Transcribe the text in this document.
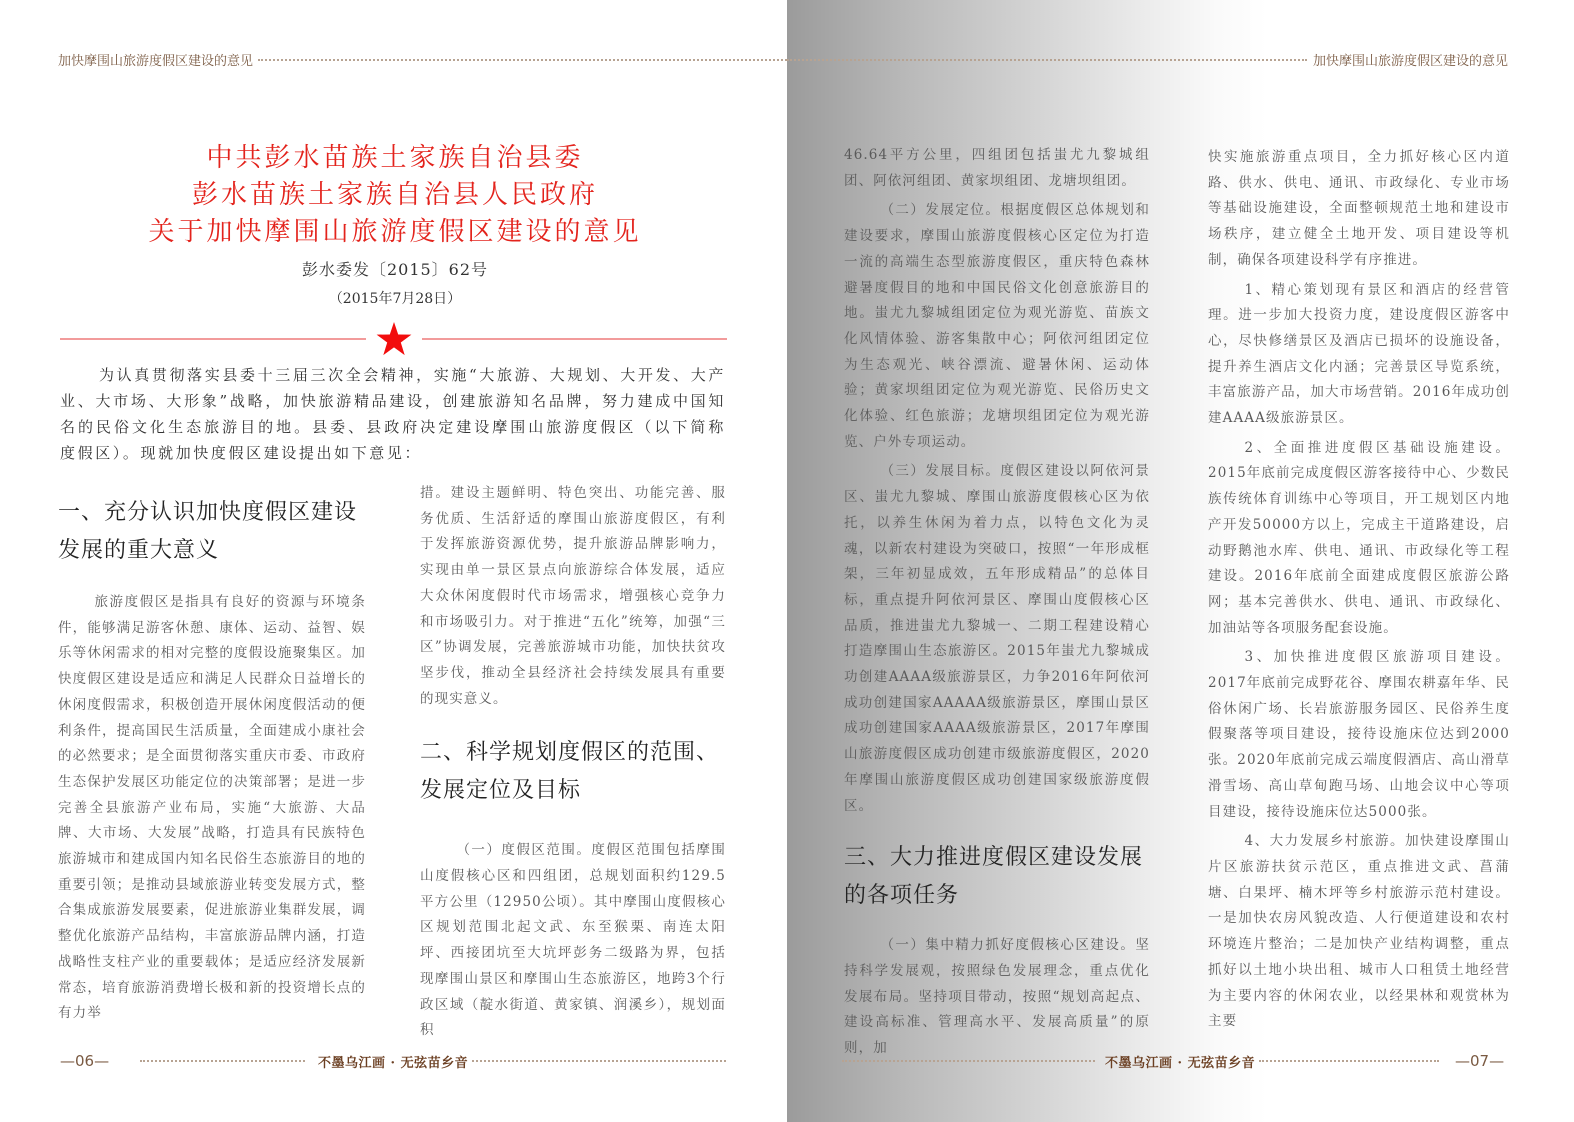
加快摩围山旅游度假区建设的意见
中共彭水苗族土家族自治县委
彭水苗族土家族自治县人民政府
关于加快摩围山旅游度假区建设的意见
彭水委发〔2015〕62号
（2015年7月28日）
为认真贯彻落实县委十三届三次全会精神，实施“大旅游、大规划、大开发、大产业、大市场、大形象”战略，加快旅游精品建设，创建旅游知名品牌，努力建成中国知名的民俗文化生态旅游目的地。县委、县政府决定建设摩围山旅游度假区（以下简称度假区）。现就加快度假区建设提出如下意见：
一、充分认识加快度假区建设
发展的重大意义

旅游度假区是指具有良好的资源与环境条件，能够满足游客休憩、康体、运动、益智、娱乐等休闲需求的相对完整的度假设施聚集区。加快度假区建设是适应和满足人民群众日益增长的休闲度假需求，积极创造开展休闲度假活动的便利条件，提高国民生活质量，全面建成小康社会的必然要求；是全面贯彻落实重庆市委、市政府生态保护发展区功能定位的决策部署；是进一步完善全县旅游产业布局，实施“大旅游、大品牌、大市场、大发展”战略，打造具有民族特色旅游城市和建成国内知名民俗生态旅游目的地的重要引领；是推动县域旅游业转变发展方式，整合集成旅游发展要素，促进旅游业集群发展，调整优化旅游产品结构，丰富旅游品牌内涵，打造战略性支柱产业的重要载体；是适应经济发展新常态，培育旅游消费增长极和新的投资增长点的有力举

措。建设主题鲜明、特色突出、功能完善、服务优质、生活舒适的摩围山旅游度假区，有利于发挥旅游资源优势，提升旅游品牌影响力，实现由单一景区景点向旅游综合体发展，适应大众休闲度假时代市场需求，增强核心竞争力和市场吸引力。对于推进“五化”统筹，加强“三区”协调发展，完善旅游城市功能，加快扶贫攻坚步伐，推动全县经济社会持续发展具有重要的现实意义。

二、科学规划度假区的范围、
发展定位及目标

（一）度假区范围。度假区范围包括摩围山度假核心区和四组团，总规划面积约129.5平方公里（12950公顷）。其中摩围山度假核心区规划范围北起文武、东至猴栗、南连太阳坪、西接团坑至大坑坪彭务二级路为界，包括现摩围山景区和摩围山生态旅游区，地跨3个行政区域（靛水街道、黄家镇、润溪乡），规划面积

—06—	不墨乌江画 · 无弦苗乡音
加快摩围山旅游度假区建设的意见

46.64平方公里，四组团包括蚩尤九黎城组团、阿依河组团、黄家坝组团、龙塘坝组团。

（二）发展定位。根据度假区总体规划和建设要求，摩围山旅游度假核心区定位为打造一流的高端生态型旅游度假区，重庆特色森林避暑度假目的地和中国民俗文化创意旅游目的地。蚩尤九黎城组团定位为观光游览、苗族文化风情体验、游客集散中心；阿依河组团定位为生态观光、峡谷漂流、避暑休闲、运动体验；黄家坝组团定位为观光游览、民俗历史文化体验、红色旅游；龙塘坝组团定位为观光游览、户外专项运动。

（三）发展目标。度假区建设以阿依河景区、蚩尤九黎城、摩围山旅游度假核心区为依托，以养生休闲为着力点，以特色文化为灵魂，以新农村建设为突破口，按照“一年形成框架，三年初显成效，五年形成精品”的总体目标，重点提升阿依河景区、摩围山度假核心区品质，推进蚩尤九黎城一、二期工程建设精心打造摩围山生态旅游区。2015年蚩尤九黎城成功创建AAAA级旅游景区，力争2016年阿依河成功创建国家AAAAA级旅游景区，摩围山景区成功创建国家AAAA级旅游景区，2017年摩围山旅游度假区成功创建市级旅游度假区，2020年摩围山旅游度假区成功创建国家级旅游度假区。

三、大力推进度假区建设发展
的各项任务

（一）集中精力抓好度假核心区建设。坚持科学发展观，按照绿色发展理念，重点优化发展布局。坚持项目带动，按照“规划高起点、建设高标准、管理高水平、发展高质量”的原则，加

快实施旅游重点项目，全力抓好核心区内道路、供水、供电、通讯、市政绿化、专业市场等基础设施建设，全面整顿规范土地和建设市场秩序，建立健全土地开发、项目建设等机制，确保各项建设科学有序推进。

1、精心策划现有景区和酒店的经营管理。进一步加大投资力度，建设度假区游客中心，尽快修缮景区及酒店已损坏的设施设备，提升养生酒店文化内涵；完善景区导览系统，丰富旅游产品，加大市场营销。2016年成功创建AAAA级旅游景区。

2、全面推进度假区基础设施建设。2015年底前完成度假区游客接待中心、少数民族传统体育训练中心等项目，开工规划区内地产开发50000方以上，完成主干道路建设，启动野鹅池水库、供电、通讯、市政绿化等工程建设。2016年底前全面建成度假区旅游公路网；基本完善供水、供电、通讯、市政绿化、加油站等各项服务配套设施。

3、加快推进度假区旅游项目建设。2017年底前完成野花谷、摩围农耕嘉年华、民俗休闲广场、长岩旅游服务园区、民俗养生度假聚落等项目建设，接待设施床位达到2000张。2020年底前完成云端度假酒店、高山滑草滑雪场、高山草甸跑马场、山地会议中心等项目建设，接待设施床位达5000张。

4、大力发展乡村旅游。加快建设摩围山片区旅游扶贫示范区，重点推进文武、菖蒲塘、白果坪、楠木坪等乡村旅游示范村建设。一是加快农房风貌改造、人行便道建设和农村环境连片整治；二是加快产业结构调整，重点抓好以土地小块出租、城市人口租赁土地经营为主要内容的休闲农业，以经果林和观赏林为主要

不墨乌江画 · 无弦苗乡音	—07—
